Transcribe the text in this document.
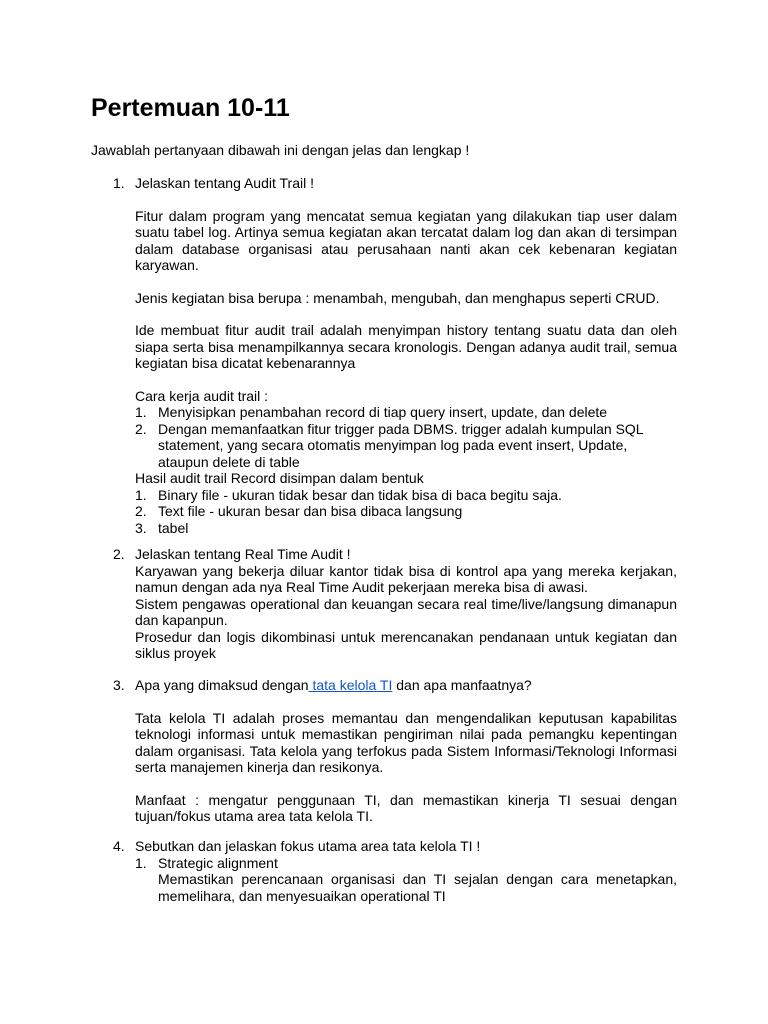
Pertemuan 10-11
Jawablah pertanyaan dibawah ini dengan jelas dan lengkap !
1. Jelaskan tentang Audit Trail !

Fitur dalam program yang mencatat semua kegiatan yang dilakukan tiap user dalam suatu tabel log. Artinya semua kegiatan akan tercatat dalam log dan akan di tersimpan dalam database organisasi atau perusahaan nanti akan cek kebenaran kegiatan karyawan.

Jenis kegiatan bisa berupa : menambah, mengubah, dan menghapus seperti CRUD.

Ide membuat fitur audit trail adalah menyimpan history tentang suatu data dan oleh siapa serta bisa menampilkannya secara kronologis. Dengan adanya audit trail, semua kegiatan bisa dicatat kebenarannya

Cara kerja audit trail :

1. Menyisipkan penambahan record di tiap query insert, update, dan delete
2. Dengan memanfaatkan fitur trigger pada DBMS. trigger adalah kumpulan SQL statement, yang secara otomatis menyimpan log pada event insert, Update, ataupun delete di table

Hasil audit trail Record disimpan dalam bentuk

1. Binary file - ukuran tidak besar dan tidak bisa di baca begitu saja.
2. Text file - ukuran besar dan bisa dibaca langsung
3. tabel
2. Jelaskan tentang Real Time Audit !

Karyawan yang bekerja diluar kantor tidak bisa di kontrol apa yang mereka kerjakan, namun dengan ada nya Real Time Audit pekerjaan mereka bisa di awasi.

Sistem pengawas operational dan keuangan secara real time/live/langsung dimanapun dan kapanpun.

Prosedur dan logis dikombinasi untuk merencanakan pendanaan untuk kegiatan dan siklus proyek

3. Apa yang dimaksud dengan tata kelola TI dan apa manfaatnya?

Tata kelola TI adalah proses memantau dan mengendalikan keputusan kapabilitas teknologi informasi untuk memastikan pengiriman nilai pada pemangku kepentingan dalam organisasi. Tata kelola yang terfokus pada Sistem Informasi/Teknologi Informasi serta manajemen kinerja dan resikonya.

Manfaat : mengatur penggunaan TI, dan memastikan kinerja TI sesuai dengan tujuan/fokus utama area tata kelola TI.

4. Sebutkan dan jelaskan fokus utama area tata kelola TI !

1. Strategic alignment

Memastikan perencanaan organisasi dan TI sejalan dengan cara menetapkan, memelihara, dan menyesuaikan operational TI
